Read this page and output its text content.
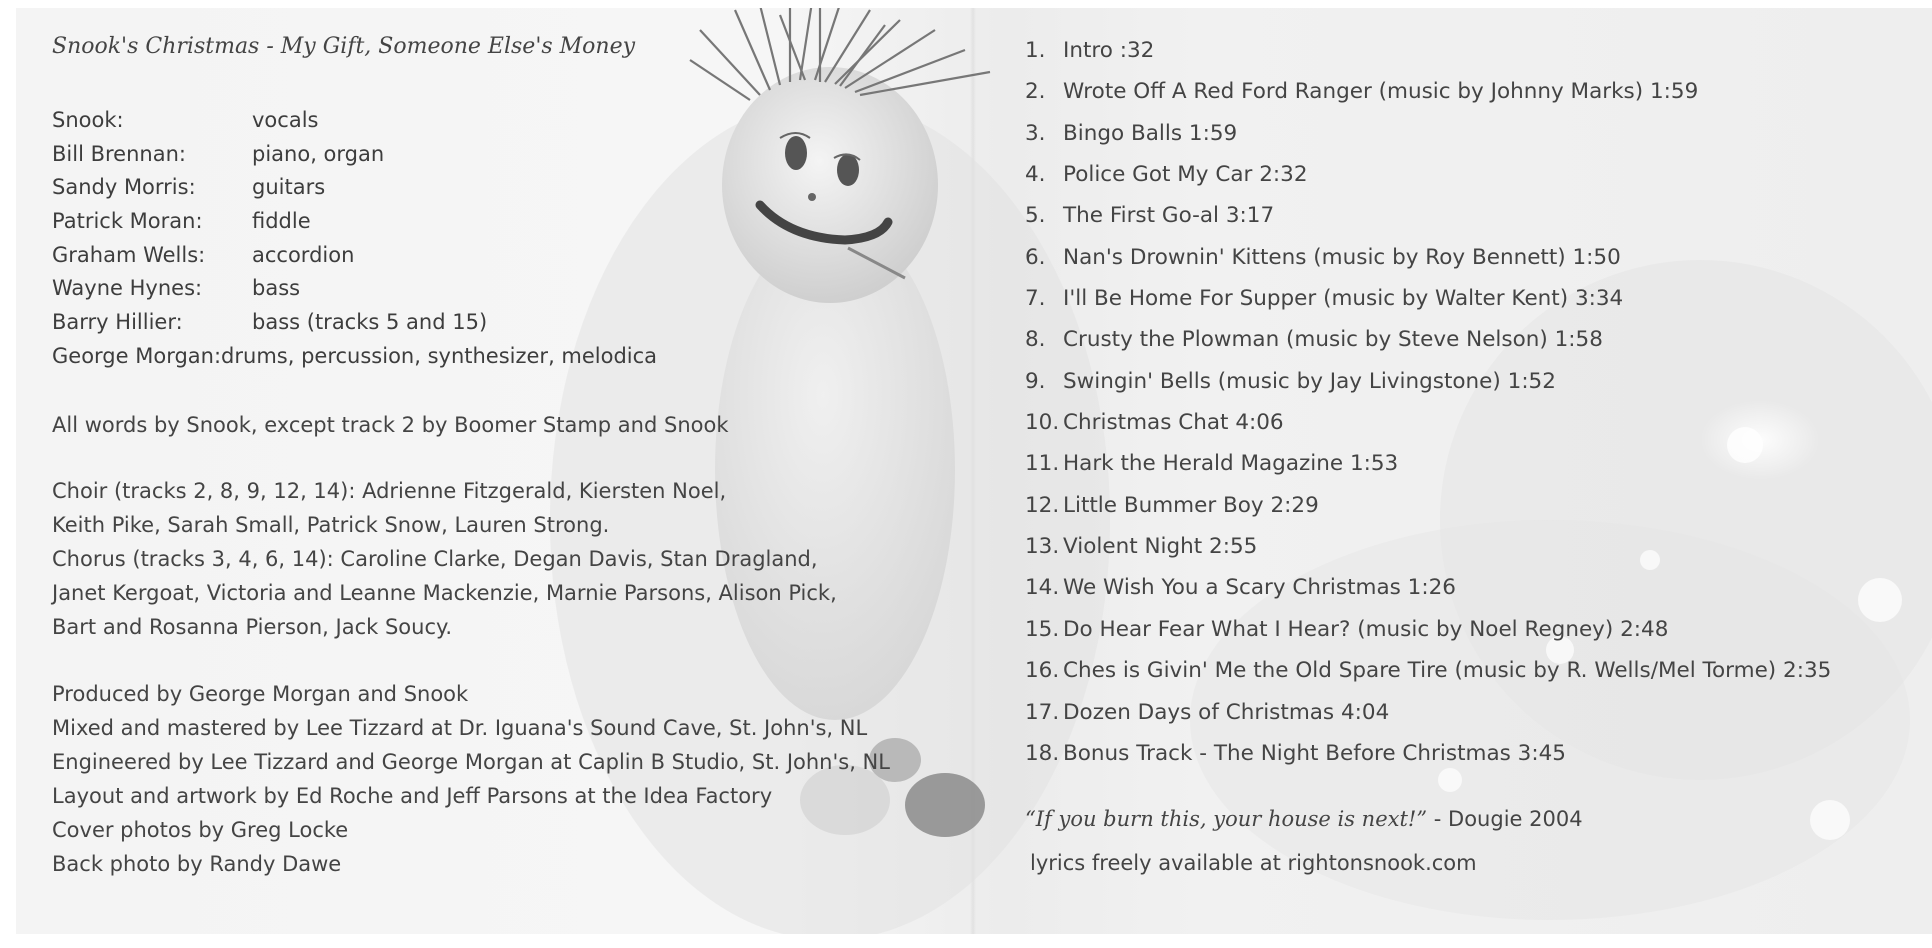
Snook's Christmas - My Gift, Someone Else's Money
Snook:	vocals
Bill Brennan:	piano, organ
Sandy Morris:	guitars
Patrick Moran:	fiddle
Graham Wells:	accordion
Wayne Hynes:	bass
Barry Hillier:	bass (tracks 5 and 15)
George Morgan: drums, percussion, synthesizer, melodica
All words by Snook, except track 2 by Boomer Stamp and Snook
Choir (tracks 2, 8, 9, 12, 14): Adrienne Fitzgerald, Kiersten Noel,
Keith Pike, Sarah Small, Patrick Snow, Lauren Strong.
Chorus (tracks 3, 4, 6, 14): Caroline Clarke, Degan Davis, Stan Dragland,
Janet Kergoat, Victoria and Leanne Mackenzie, Marnie Parsons, Alison Pick,
Bart and Rosanna Pierson, Jack Soucy.
Produced by George Morgan and Snook
Mixed and mastered by Lee Tizzard at Dr. Iguana's Sound Cave, St. John's, NL
Engineered by Lee Tizzard and George Morgan at Caplin B Studio, St. John's, NL
Layout and artwork by Ed Roche and Jeff Parsons at the Idea Factory
Cover photos by Greg Locke
Back photo by Randy Dawe
1. Intro :32
2. Wrote Off A Red Ford Ranger (music by Johnny Marks) 1:59
3. Bingo Balls 1:59
4. Police Got My Car 2:32
5. The First Go-al 3:17
6. Nan's Drownin' Kittens (music by Roy Bennett) 1:50
7. I'll Be Home For Supper (music by Walter Kent) 3:34
8. Crusty the Plowman (music by Steve Nelson) 1:58
9. Swingin' Bells (music by Jay Livingstone) 1:52
10. Christmas Chat 4:06
11. Hark the Herald Magazine 1:53
12. Little Bummer Boy 2:29
13. Violent Night 2:55
14. We Wish You a Scary Christmas 1:26
15. Do Hear Fear What I Hear? (music by Noel Regney) 2:48
16. Ches is Givin' Me the Old Spare Tire (music by R. Wells/Mel Torme) 2:35
17. Dozen Days of Christmas 4:04
18. Bonus Track - The Night Before Christmas 3:45
“If you burn this, your house is next!” - Dougie 2004
lyrics freely available at rightonsnook.com
